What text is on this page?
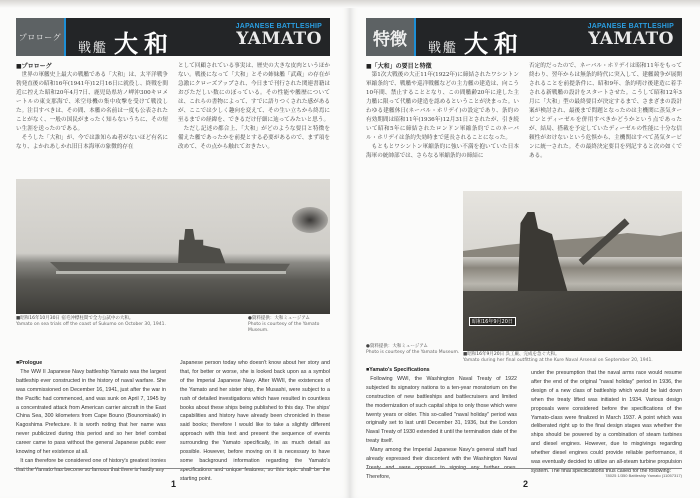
プロローグ
戦艦 大和
JAPANESE BATTLESHIP
YAMATO
■プロローグ

世界の軍艦史上最大の戦艦である「大和」は、太平洋戦争勃発直後の昭和16年(1941年)12月16日に就役し、終戦を間近に控えた昭和20年4月7日、鹿児島県坊ノ岬沖300キロメートルの東支那海で、米空母機の集中攻撃を受けて戦没した。注目すべきは、その間、本艦の名前は一度も公表されたことがなく、一般の国民がまったく知らないうちに、その短い生涯を送ったのである。

そうした「大和」が、今では誰知らぬ者がないほど有名になり、よかれあしかれ旧日本海軍の象徴的存在

として回顧されている事実は、歴史の大きな皮肉というほかない。戦後になって「大和」とその姉妹艦「武蔵」の存在が急激にクローズアップされ、今日まで刊行された関連書籍はおびただしい数にのぼっている。その性能や艦歴については、これらの書物によって、すでに語りつくされた感があるが、ここでは少しく趣向を変えて、その生い立ちから終焉に至るまでの経緯を、できるだけ仔細に辿ってみたいと思う。

ただし記述の都合上、「大和」がどのような要目と特徴を備えた艦であったかを前提とする必要があるので、まず項を改めて、その点から触れておきたい。

■昭和16年10月30日 宿毛沖標柱間で全力公試中の大和。
Yamato on sea trials off the coast of Sukumo on October 30, 1941.
●資料提供：大和ミュージアム
Photo is courtesy of the Yamato Museum.
■Prologue

The WW II Japanese Navy battleship Yamato was the largest battleship ever constructed in the history of naval warfare. She was commissioned on December 16, 1941, just after the war in the Pacific had commenced, and was sunk on April 7, 1945 by a concentrated attack from American carrier aircraft in the East China Sea, 300 kilometers from Cape Bouno (Bounomisaki) in Kagoshima Prefecture. It is worth noting that her name was never publicized during this period and so her brief combat career came to pass without the general Japanese public ever knowing of her existence at all.

It can therefore be considered one of history's greatest ironies that the Yamato has become so famous that there is hardly any

Japanese person today who doesn't know about her story and that, for better or worse, she is looked back upon as a symbol of the Imperial Japanese Navy. After WWII, the existences of the Yamato and her sister ship, the Musashi, were subject to a rush of detailed investigations which have resulted in countless books about these ships being published to this day. The ships' capabilities and history have already been chronicled in these said books; therefore I would like to take a slightly different approach with this text and present the sequence of events surrounding the Yamato specifically, in as much detail as possible. However, before moving on it is necessary to have some background information regarding the Yamato's specifications and unique features, so this topic shall be the starting point.

1
特徴	戦艦 大和
JAPANESE BATTLESHIP
YAMATO
■「大和」の要目と特徴

第1次大戦後の大正11年(1922年)に締結されたワシントン軍縮条約で、戦艦や巡洋戦艦などの主力艦の建造は、向こう10年間、禁止することとなり、この間艦齢20年に達した主力艦に限って代艦の建造を認めるということが決まった。いわゆる建艦休日(ネーバル・ホリデイ)の設定であり、条約の有効期間は昭和11年(1936年)12月31日とされたが、引き続いて昭和5年に締結されたロンドン軍縮条約でこのネーバル・ホリデイは条約失効時まで延長されることになった。

もともとワシントン軍縮条約に強い不満を抱いていた日本海軍の統帥部では、さらなる軍縮条約の締結に

否定的だったので、ネーバル・ホリデイは昭和11年をもって終わり、翌年からは無条約時代に突入して、建艦競争が展開されることを前提条件に、昭和9年、条約明け後建造に着手される新戦艦の設計をスタートさせた。こうして昭和12年3月に「大和」型の最終要目が決定するまで、さまざまの設計案が検討され、最後まで問題となったのは主機関に蒸気タービンとディーゼルを併用すべきかどうかという点であったが、結局、搭載を予定していたディーゼルの性能に十分な信頼性がおけないという危惧から、主機関はすべて蒸気タービンに統一された。その最終決定要目を列記すると次の如くである。

昭和16年9月20日
●資料提供：大和ミュージアム
Photo is courtesy of the Yamato Museum. ■昭和16年9月20日 呉工廠、完成を急ぐ大和。
Yamato during her final outfitting at the Kure Naval Arsenal on September 20, 1941.
■Yamato's Specifications

Following WWI, the Washington Naval Treaty of 1922 subjected its signatory nations to a ten-year moratorium on the construction of new battleships and battlecruisers and limited the modernization of such capital ships to only those which were twenty years or older. This so-called "naval holiday" period was originally set to last until December 31, 1936, but the London Naval Treaty of 1930 extended it until the termination date of the treaty itself.

Many among the Imperial Japanese Navy's general staff had already expressed their discontent with the Washington Naval Treaty and were opposed to signing any further ones. Therefore,

under the presumption that the naval arms race would resume after the end of the original "naval holiday" period in 1936, the design of a new class of battleship which would be laid down when the treaty lifted was initiated in 1934. Various design proposals were considered before the specifications of the Yamato-class were finalized in March 1937. A point which was deliberated right up to the final design stages was whether the ships should be powered by a combination of steam turbines and diesel engines. However, due to misgivings regarding whether diesel engines could provide reliable performance, it was eventually decided to utilize an all-steam turbine propulsion system. The final specifications thus called for the following:

2
78025 1/350 Battleship Yamato (11057317)
